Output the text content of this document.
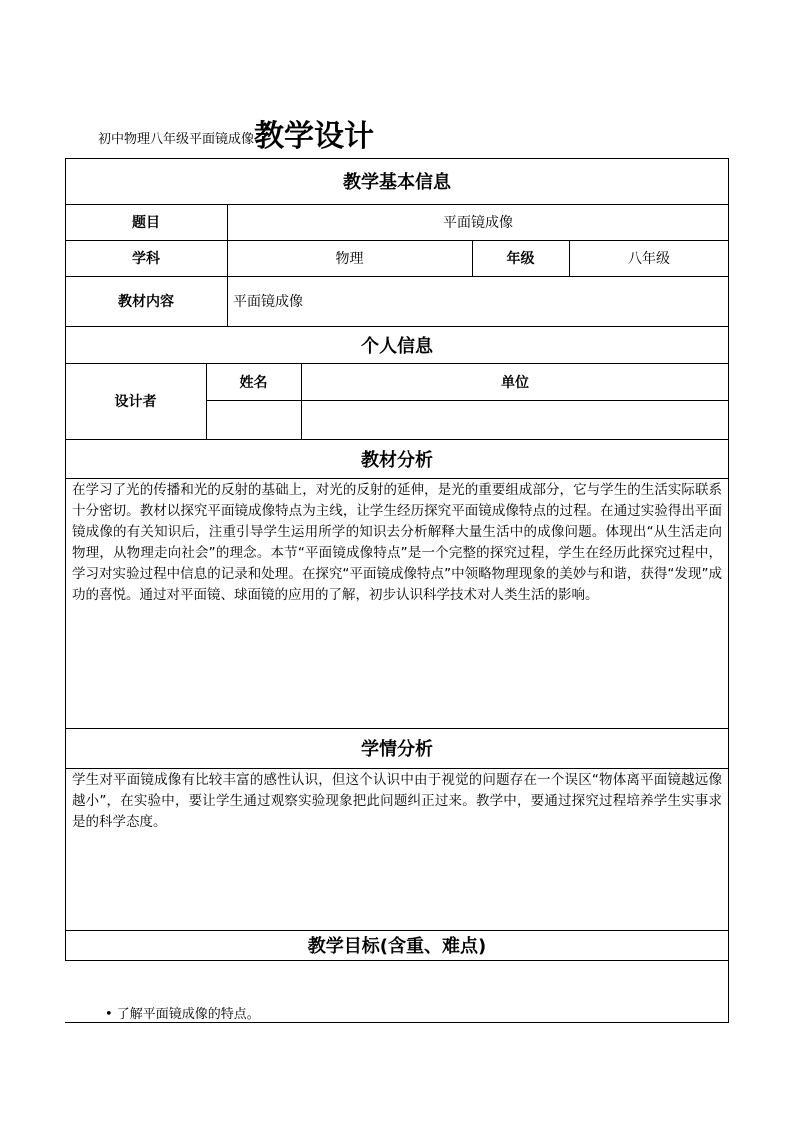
初中物理八年级平面镜成像 教学设计
教学基本信息
题目	平面镜成像
学科	物理	年级	八年级
教材内容	平面镜成像
个人信息
设计者
姓名	单位
教材分析
在学习了光的传播和光的反射的基础上，对光的反射的延伸，是光的重要组成部分，它与学生的生活实际联系十分密切。教材以探究平面镜成像特点为主线，让学生经历探究平面镜成像特点的过程。在通过实验得出平面镜成像的有关知识后，注重引导学生运用所学的知识去分析解释大量生活中的成像问题。体现出“从生活走向物理，从物理走向社会”的理念。本节“平面镜成像特点”是一个完整的探究过程，学生在经历此探究过程中，学习对实验过程中信息的记录和处理。在探究“平面镜成像特点”中领略物理现象的美妙与和谐，获得“发现”成功的喜悦。通过对平面镜、球面镜的应用的了解，初步认识科学技术对人类生活的影响。
学情分析
学生对平面镜成像有比较丰富的感性认识，但这个认识中由于视觉的问题存在一个误区“物体离平面镜越远像越小”，在实验中，要让学生通过观察实验现象把此问题纠正过来。教学中，要通过探究过程培养学生实事求是的科学态度。
教学目标(含重、难点)
• 了解平面镜成像的特点。
